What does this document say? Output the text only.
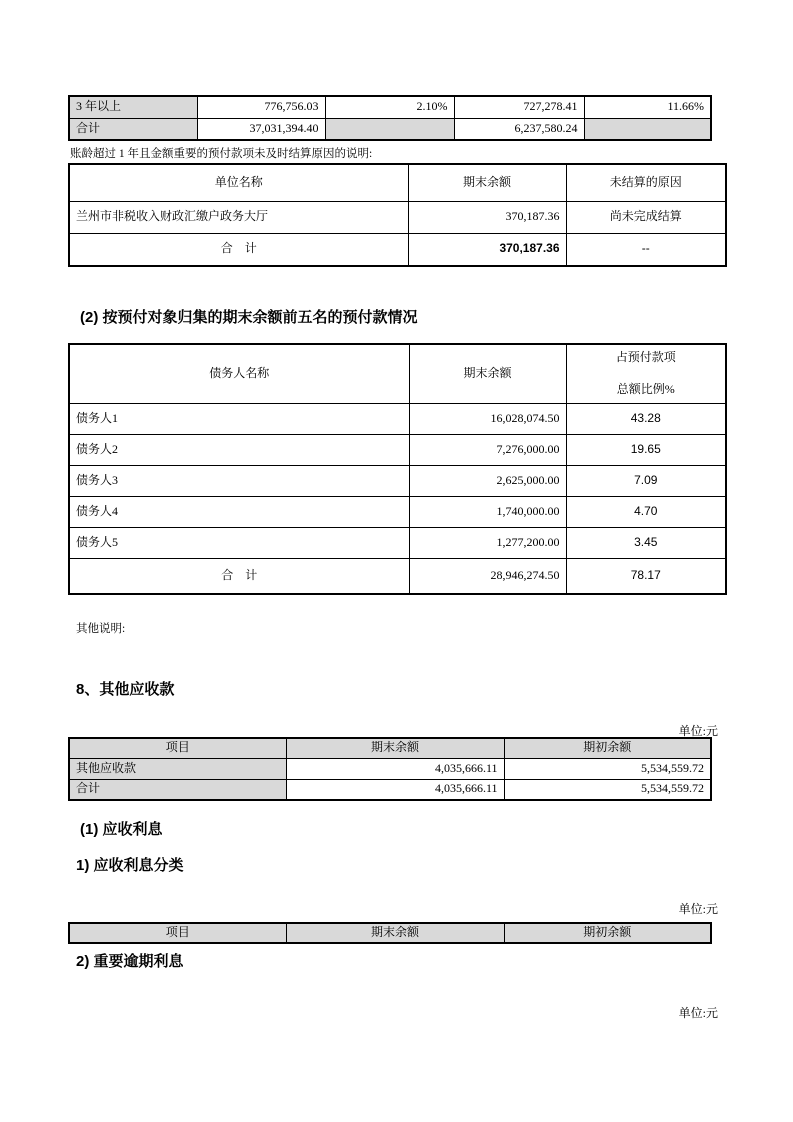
3 年以上	776,756.03	2.10%	727,278.41	11.66%
合计	37,031,394.40		6,237,580.24	
账龄超过 1 年且金额重要的预付款项未及时结算原因的说明:
单位名称	期末余额	未结算的原因
兰州市非税收入财政汇缴户政务大厅	370,187.36	尚未完成结算
合　计	370,187.36	--
(2) 按预付对象归集的期末余额前五名的预付款情况
债务人名称	期末余额	占预付款项
总额比例%

债务人1	16,028,074.50	43.28
债务人2	7,276,000.00	19.65
债务人3	2,625,000.00	7.09
债务人4	1,740,000.00	4.70
债务人5	1,277,200.00	3.45
合　计	28,946,274.50	78.17
其他说明:
8、其他应收款
单位:元
项目	期末余额	期初余额
其他应收款	4,035,666.11	5,534,559.72
合计	4,035,666.11	5,534,559.72
(1) 应收利息
1) 应收利息分类
单位:元
项目	期末余额	期初余额
2) 重要逾期利息
单位:元
